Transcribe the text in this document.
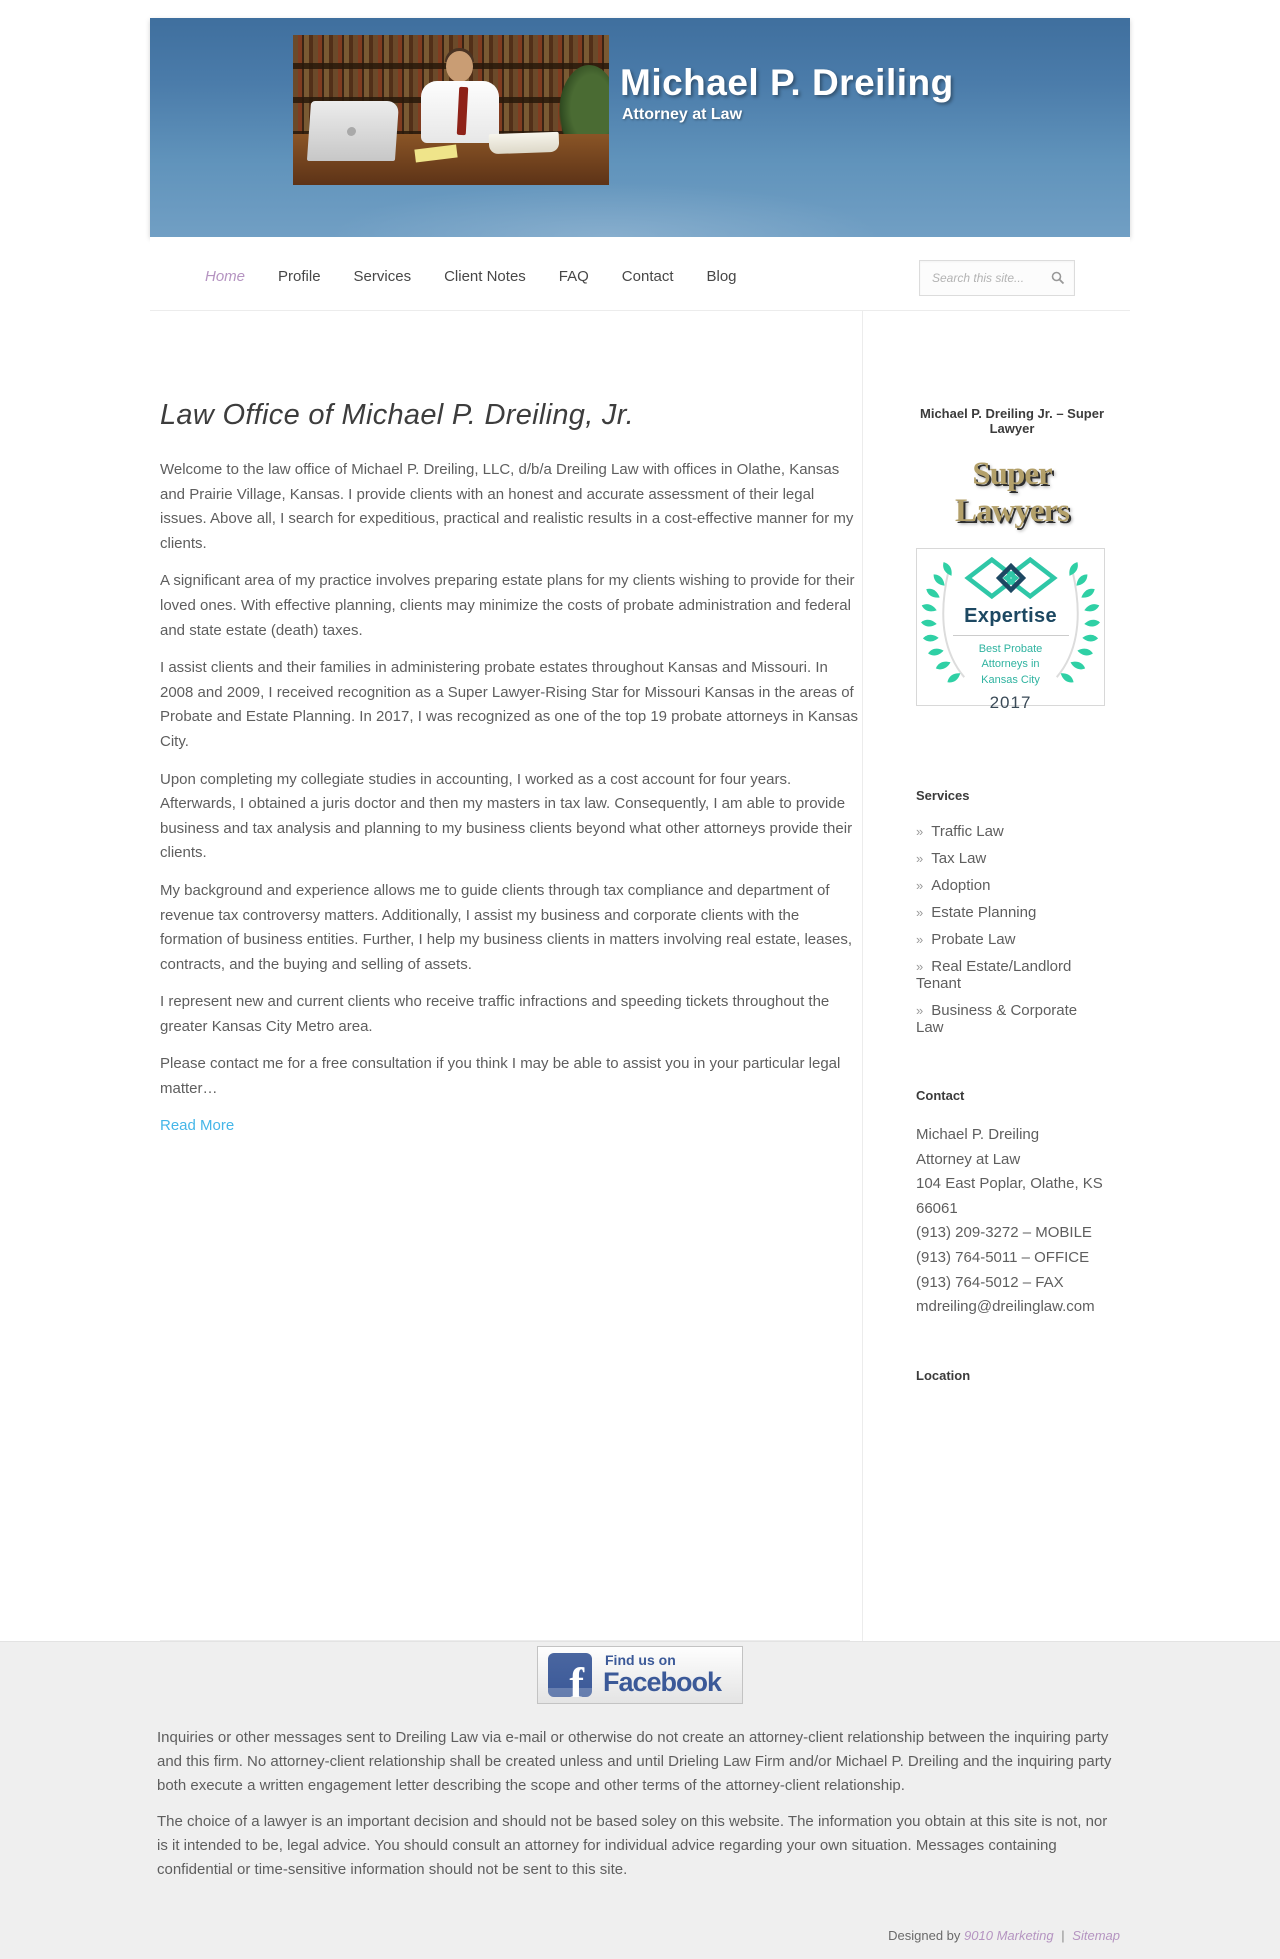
Michael P. Dreiling
Attorney at Law
Home Profile Services Client Notes FAQ Contact Blog
Search this site...
Law Office of Michael P. Dreiling, Jr.

Welcome to the law office of Michael P. Dreiling, LLC, d/b/a Dreiling Law with offices in Olathe, Kansas and Prairie Village, Kansas. I provide clients with an honest and accurate assessment of their legal issues. Above all, I search for expeditious, practical and realistic results in a cost-effective manner for my clients.

A significant area of my practice involves preparing estate plans for my clients wishing to provide for their loved ones. With effective planning, clients may minimize the costs of probate administration and federal and state estate (death) taxes.

I assist clients and their families in administering probate estates throughout Kansas and Missouri. In 2008 and 2009, I received recognition as a Super Lawyer-Rising Star for Missouri Kansas in the areas of Probate and Estate Planning. In 2017, I was recognized as one of the top 19 probate attorneys in Kansas City.

Upon completing my collegiate studies in accounting, I worked as a cost account for four years. Afterwards, I obtained a juris doctor and then my masters in tax law. Consequently, I am able to provide business and tax analysis and planning to my business clients beyond what other attorneys provide their clients.

My background and experience allows me to guide clients through tax compliance and department of revenue tax controversy matters. Additionally, I assist my business and corporate clients with the formation of business entities. Further, I help my business clients in matters involving real estate, leases, contracts, and the buying and selling of assets.

I represent new and current clients who receive traffic infractions and speeding tickets throughout the greater Kansas City Metro area.

Please contact me for a free consultation if you think I may be able to assist you in your particular legal matter…

Read More
Michael P. Dreiling Jr. – Super Lawyer
Super Lawyers
Expertise
Best Probate
Attorneys in
Kansas City
2017
Services
» Traffic Law
» Tax Law
» Adoption
» Estate Planning
» Probate Law
» Real Estate/Landlord Tenant
» Business & Corporate Law
Contact

Michael P. Dreiling

Attorney at Law

104 East Poplar, Olathe, KS 66061

(913) 209-3272 – MOBILE

(913) 764-5011 – OFFICE

(913) 764-5012 – FAX

mdreiling@dreilinglaw.com

Location
f Find us on
Facebook

Inquiries or other messages sent to Dreiling Law via e-mail or otherwise do not create an attorney-client relationship between the inquiring party and this firm. No attorney-client relationship shall be created unless and until Drieling Law Firm and/or Michael P. Dreiling and the inquiring party both execute a written engagement letter describing the scope and other terms of the attorney-client relationship.

The choice of a lawyer is an important decision and should not be based soley on this website. The information you obtain at this site is not, nor is it intended to be, legal advice. You should consult an attorney for individual advice regarding your own situation. Messages containing confidential or time-sensitive information should not be sent to this site.

Designed by 9010 Marketing | Sitemap
